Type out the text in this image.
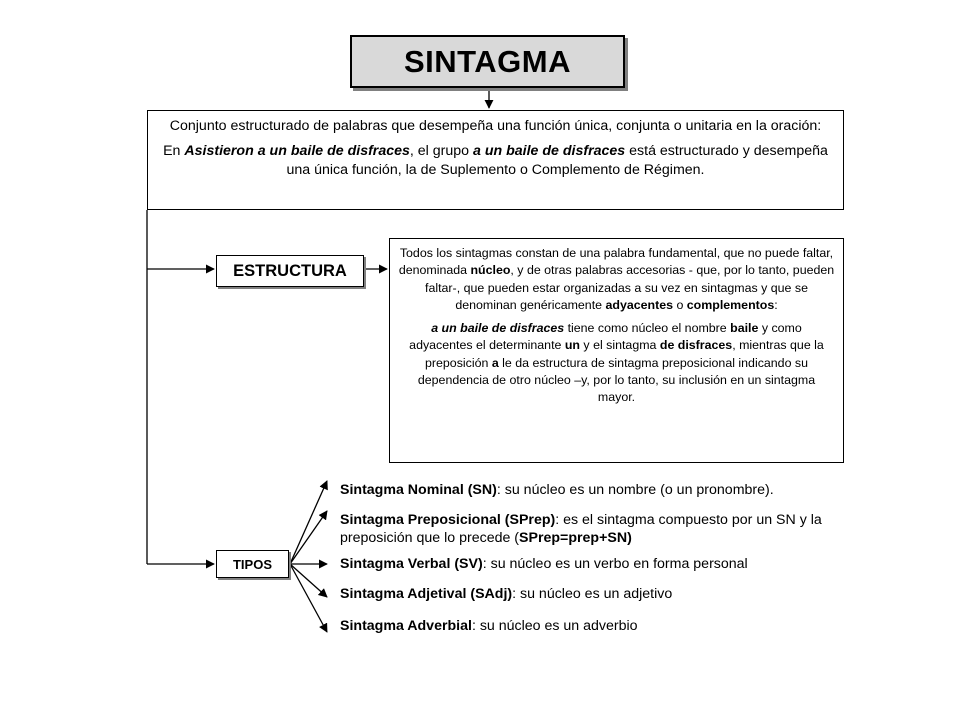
SINTAGMA

Conjunto estructurado de palabras que desempeña una función única, conjunta o unitaria en la oración:

En Asistieron a un baile de disfraces, el grupo a un baile de disfraces está estructurado y desempeña una única función, la de Suplemento o Complemento de Régimen.

ESTRUCTURA

Todos los sintagmas constan de una palabra fundamental, que no puede faltar, denominada núcleo, y de otras palabras accesorias - que, por lo tanto, pueden faltar-, que pueden estar organizadas a su vez en sintagmas y que se denominan genéricamente adyacentes o complementos:

a un baile de disfraces tiene como núcleo el nombre baile y como adyacentes el determinante un y el sintagma de disfraces, mientras que la preposición a le da estructura de sintagma preposicional indicando su dependencia de otro núcleo –y, por lo tanto, su inclusión en un sintagma mayor.

TIPOS
Sintagma Nominal (SN): su núcleo es un nombre (o un pronombre).
Sintagma Preposicional (SPrep): es el sintagma compuesto por un SN y la preposición que lo precede (SPrep=prep+SN)
Sintagma Verbal (SV): su núcleo es un verbo en forma personal
Sintagma Adjetival (SAdj): su núcleo es un adjetivo
Sintagma Adverbial: su núcleo es un adverbio
